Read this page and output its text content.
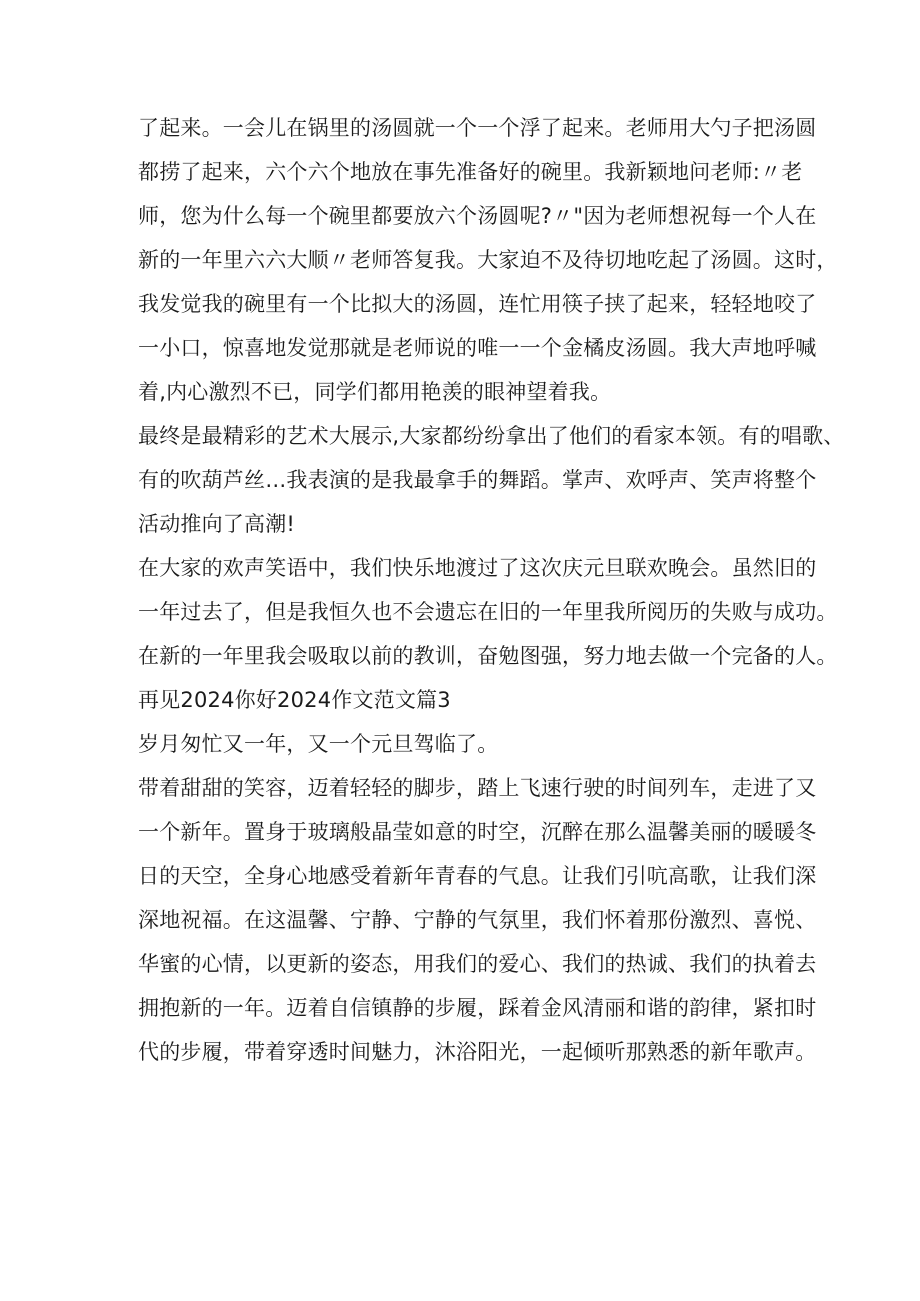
了起来。一会儿在锅里的汤圆就一个一个浮了起来。老师用大勺子把汤圆
都捞了起来，六个六个地放在事先准备好的碗里。我新颖地问老师:〃老
师，您为什么每一个碗里都要放六个汤圆呢?〃"因为老师想祝每一个人在
新的一年里六六大顺〃老师答复我。大家迫不及待切地吃起了汤圆。这时，
我发觉我的碗里有一个比拟大的汤圆，连忙用筷子挟了起来，轻轻地咬了
一小口，惊喜地发觉那就是老师说的唯一一个金橘皮汤圆。我大声地呼喊
着,内心激烈不已，同学们都用艳羡的眼神望着我。
最终是最精彩的艺术大展示,大家都纷纷拿出了他们的看家本领。有的唱歌、
有的吹葫芦丝…我表演的是我最拿手的舞蹈。掌声、欢呼声、笑声将整个
活动推向了高潮!
在大家的欢声笑语中，我们快乐地渡过了这次庆元旦联欢晚会。虽然旧的
一年过去了，但是我恒久也不会遗忘在旧的一年里我所阅历的失败与成功。
在新的一年里我会吸取以前的教训，奋勉图强，努力地去做一个完备的人。
再见2024你好2024作文范文篇3
岁月匆忙又一年，又一个元旦驾临了。
带着甜甜的笑容，迈着轻轻的脚步，踏上飞速行驶的时间列车，走进了又
一个新年。置身于玻璃般晶莹如意的时空，沉醉在那么温馨美丽的暖暖冬
日的天空，全身心地感受着新年青春的气息。让我们引吭高歌，让我们深
深地祝福。在这温馨、宁静、宁静的气氛里，我们怀着那份激烈、喜悦、
华蜜的心情，以更新的姿态，用我们的爱心、我们的热诚、我们的执着去
拥抱新的一年。迈着自信镇静的步履，踩着金风清丽和谐的韵律，紧扣时
代的步履，带着穿透时间魅力，沐浴阳光，一起倾听那熟悉的新年歌声。
